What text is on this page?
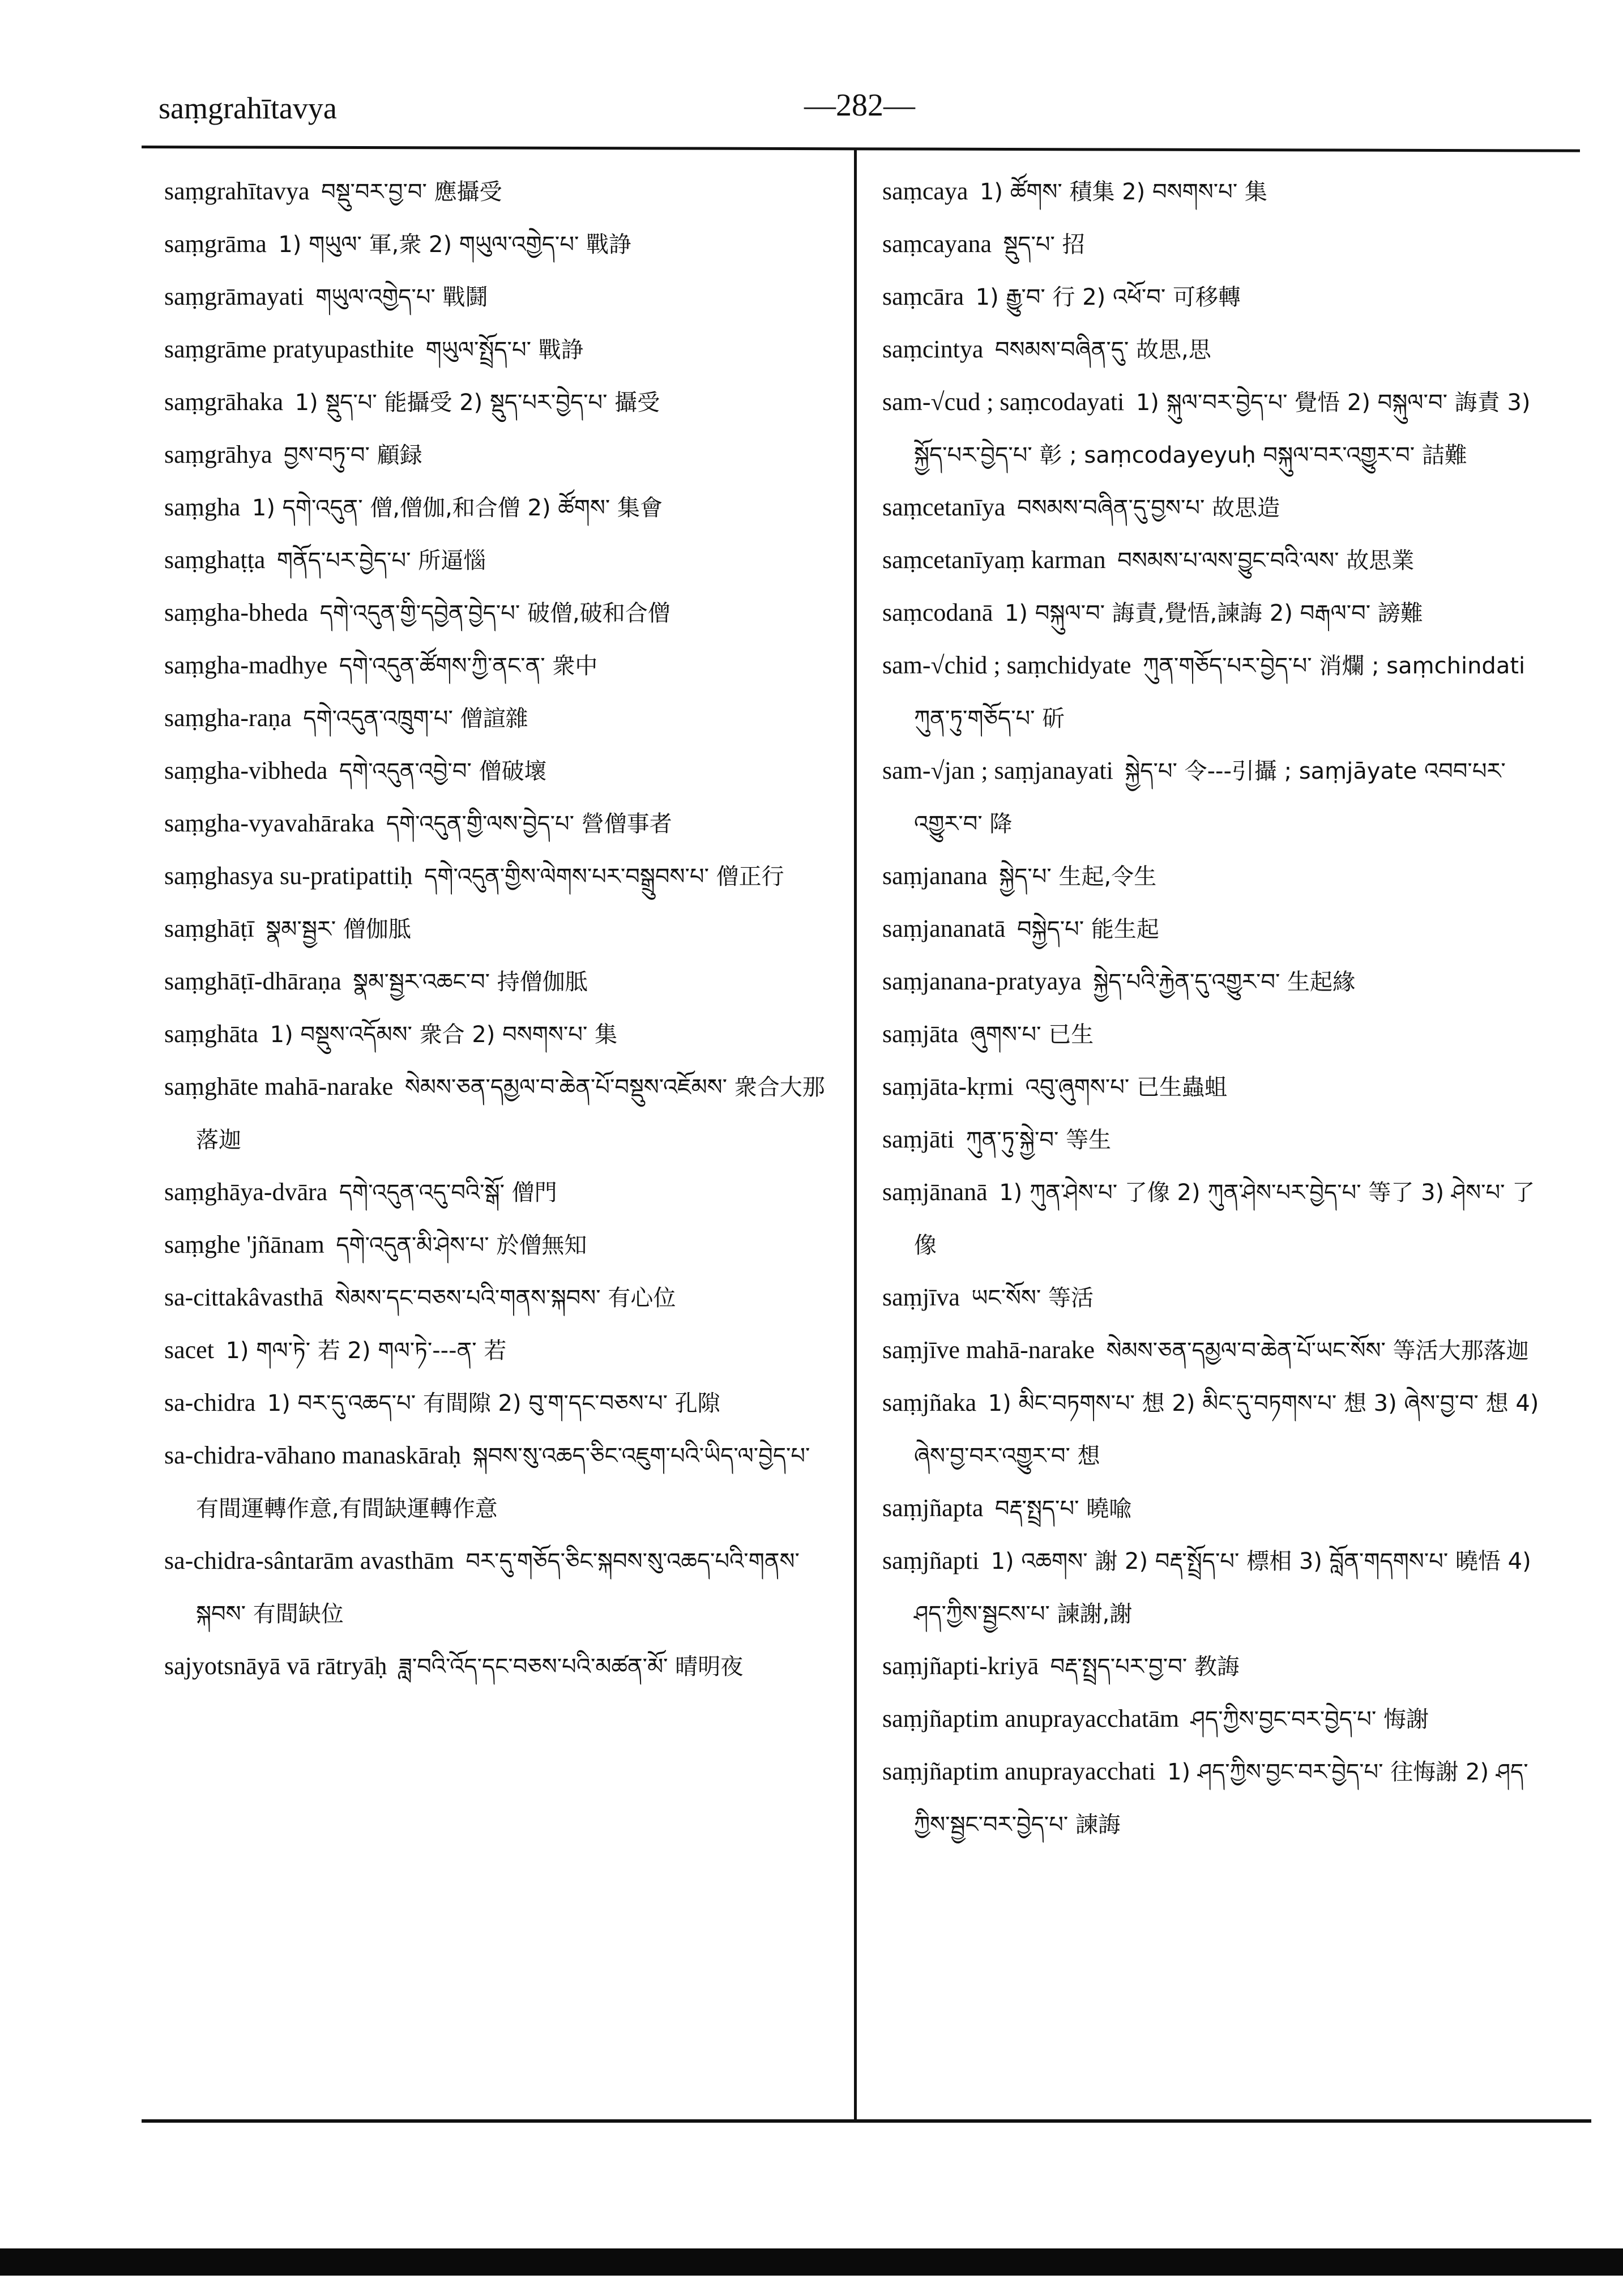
saṃgrahītavya	—282—

saṃgrahītavya  བསྡུ་བར་བྱ་བ་ 應攝受

saṃgrāma  1) གཡུལ་ 軍,衆 2) གཡུལ་འགྱེད་པ་ 戰諍

saṃgrāmayati  གཡུལ་འགྱེད་པ་ 戰鬪

saṃgrāme pratyupasthite  གཡུལ་སྤྲོད་པ་ 戰諍

saṃgrāhaka  1) སྡུད་པ་ 能攝受 2) སྡུད་པར་བྱེད་པ་ 攝受

saṃgrāhya  བྱས་བཏུ་བ་ 顧録

saṃgha  1) དགེ་འདུན་ 僧,僧伽,和合僧 2) ཚོགས་ 集會

saṃghaṭṭa  གནོད་པར་བྱེད་པ་ 所逼惱

saṃgha-bheda  དགེ་འདུན་གྱི་དབྱེན་བྱེད་པ་ 破僧,破和合僧

saṃgha-madhye  དགེ་འདུན་ཚོགས་ཀྱི་ནང་ན་ 衆中

saṃgha-raṇa  དགེ་འདུན་འཁྲུག་པ་ 僧諠雜

saṃgha-vibheda  དགེ་འདུན་འབྱེ་བ་ 僧破壞

saṃgha-vyavahāraka  དགེ་འདུན་གྱི་ལས་བྱེད་པ་ 營僧事者

saṃghasya su-pratipattiḥ  དགེ་འདུན་གྱིས་ལེགས་པར་བསྒྲུབས་པ་ 僧正行

saṃghāṭī  སྣམ་སྦྱར་ 僧伽胝

saṃghāṭī-dhāraṇa  སྣམ་སྦྱར་འཆང་བ་ 持僧伽胝

saṃghāta  1) བསྡུས་འདོམས་ 衆合 2) བསགས་པ་ 集

saṃghāte mahā-narake  སེམས་ཅན་དམྱལ་བ་ཆེན་པོ་བསྡུས་འཇོམས་ 衆合大那落迦

saṃghāya-dvāra  དགེ་འདུན་འདུ་བའི་སྒོ་ 僧門

saṃghe 'jñānam  དགེ་འདུན་མི་ཤེས་པ་ 於僧無知

sa-cittakâvasthā  སེམས་དང་བཅས་པའི་གནས་སྐབས་ 有心位

sacet  1) གལ་ཏེ་ 若 2) གལ་ཏེ་---ན་ 若

sa-chidra  1) བར་དུ་འཆད་པ་ 有間隙 2) བུ་ག་དང་བཅས་པ་ 孔隙

sa-chidra-vāhano manaskāraḥ  སྐབས་སུ་འཆད་ཅིང་འཇུག་པའི་ཡིད་ལ་བྱེད་པ་ 有間運轉作意,有間缺運轉作意

sa-chidra-sântarām avasthām  བར་དུ་གཅོད་ཅིང་སྐབས་སུ་འཆད་པའི་གནས་སྐབས་ 有間缺位

sajyotsnāyā vā rātryāḥ  ཟླ་བའི་འོད་དང་བཅས་པའི་མཚན་མོ་ 晴明夜

saṃcaya  1) ཚོགས་ 積集 2) བསགས་པ་ 集

saṃcayana  སྡུད་པ་ 招

saṃcāra  1) རྒྱུ་བ་ 行 2) འཕོ་བ་ 可移轉

saṃcintya  བསམས་བཞིན་དུ་ 故思,思

sam-√cud ; saṃcodayati  1) སྐུལ་བར་བྱེད་པ་ 覺悟 2) བསྐུལ་བ་ 誨責 3) སྐྱོད་པར་བྱེད་པ་ 彰 ; saṃcodayeyuḥ བསྐུལ་བར་འགྱུར་བ་ 詰難

saṃcetanīya  བསམས་བཞིན་དུ་བྱས་པ་ 故思造

saṃcetanīyaṃ karman  བསམས་པ་ལས་བྱུང་བའི་ལས་ 故思業

saṃcodanā  1) བསྐུལ་བ་ 誨責,覺悟,諫誨 2) བརྒལ་བ་ 謗難

sam-√chid ; saṃchidyate  ཀུན་གཅོད་པར་བྱེད་པ་ 消爛 ; saṃchindati ཀུན་ཏུ་གཅོད་པ་ 斫

sam-√jan ; saṃjanayati  སྐྱེད་པ་ 令---引攝 ; saṃjāyate འབབ་པར་འགྱུར་བ་ 降

saṃjanana  སྐྱེད་པ་ 生起,令生

saṃjananatā  བསྐྱེད་པ་ 能生起

saṃjanana-pratyaya  སྐྱེད་པའི་རྐྱེན་དུ་འགྱུར་བ་ 生起緣

saṃjāta  ཞུགས་པ་ 已生

saṃjāta-kṛmi  འབུ་ཞུགས་པ་ 已生蟲蛆

saṃjāti  ཀུན་ཏུ་སྐྱེ་བ་ 等生

saṃjānanā  1) ཀུན་ཤེས་པ་ 了像 2) ཀུན་ཤེས་པར་བྱེད་པ་ 等了 3) ཤེས་པ་ 了像

saṃjīva  ཡང་སོས་ 等活

saṃjīve mahā-narake  སེམས་ཅན་དམྱལ་བ་ཆེན་པོ་ཡང་སོས་ 等活大那落迦

saṃjñaka  1) མིང་བཏགས་པ་ 想 2) མིང་དུ་བཏགས་པ་ 想 3) ཞེས་བྱ་བ་ 想 4) ཞེས་བྱ་བར་འགྱུར་བ་ 想

saṃjñapta  བརྡ་སྤྲད་པ་ 曉喩

saṃjñapti  1) འཆགས་ 謝 2) བརྡ་སྤྲོད་པ་ 標相 3) བློན་གདགས་པ་ 曉悟 4) ཤད་ཀྱིས་སྦྱངས་པ་ 諫謝,謝

saṃjñapti-kriyā  བརྡ་སྤྲད་པར་བྱ་བ་ 教誨

saṃjñaptim anuprayacchatām  ཤད་ཀྱིས་བྱང་བར་བྱེད་པ་ 悔謝

saṃjñaptim anuprayacchati  1) ཤད་ཀྱིས་བྱང་བར་བྱེད་པ་ 往悔謝 2) ཤད་ཀྱིས་སྦྱང་བར་བྱེད་པ་ 諫誨
